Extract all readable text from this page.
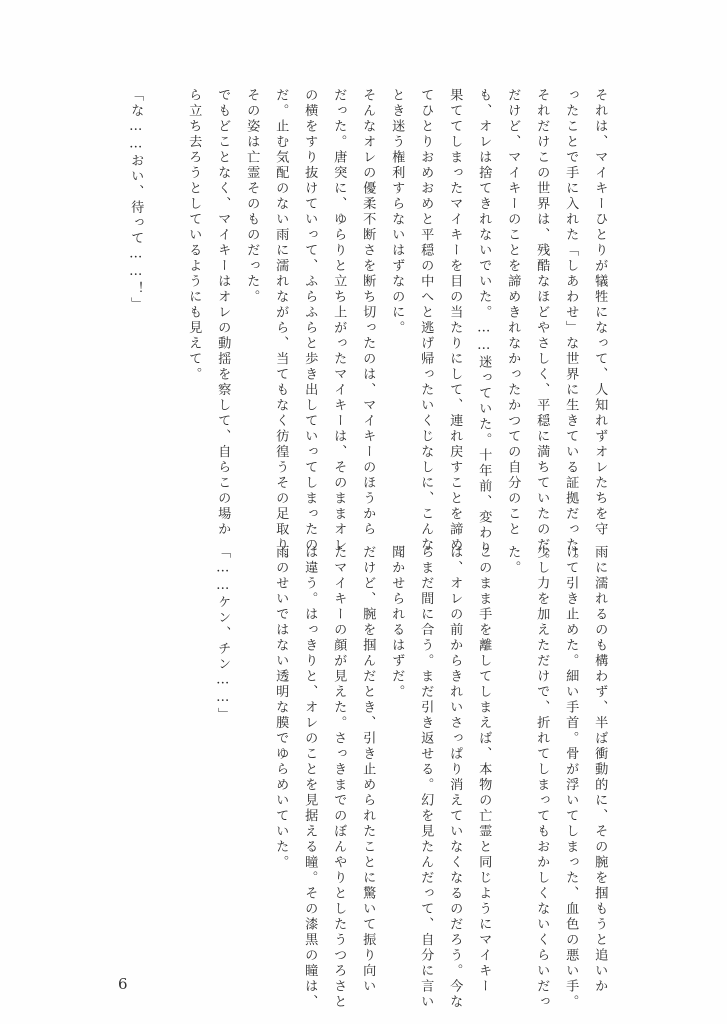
それは、マイキーひとりが犠牲になって、人知れずオレたちを守
ったことで手に入れた「しあわせ」な世界に生きている証拠だった。
それだけこの世界は、残酷なほどやさしく、平穏に満ちていたのだ。
だけど、マイキーのことを諦めきれなかったかつての自分のこと
も、オレは捨てきれないでいた。……迷っていた。十年前、変わり
果ててしまったマイキーを目の当たりにして、連れ戻すことを諦め
てひとりおめおめと平穏の中へと逃げ帰ったいくじなしに、こんな
とき迷う権利すらないはずなのに。
そんなオレの優柔不断さを断ち切ったのは、マイキーのほうから
だった。唐突に、ゆらりと立ち上がったマイキーは、そのままオレ
の横をすり抜けていって、ふらふらと歩き出していってしまったの
だ。止む気配のない雨に濡れながら、当てもなく彷徨うその足取り。
その姿は亡霊そのものだった。
でもどことなく、マイキーはオレの動揺を察して、自らこの場か
ら立ち去ろうとしているようにも見えて。
「な……おい、待って……！」
雨に濡れるのも構わず、半ば衝動的に、その腕を掴もうと追いか
けて引き止めた。細い手首。骨が浮いてしまった、血色の悪い手。
少し力を加えただけで、折れてしまってもおかしくないくらいだっ
た。
このまま手を離してしまえば、本物の亡霊と同じようにマイキー
は、オレの前からきれいさっぱり消えていなくなるのだろう。今な
らまだ間に合う。まだ引き返せる。幻を見たんだって、自分に言い
聞かせられるはずだ。
だけど、腕を掴んだとき、引き止められたことに驚いて振り向い
たマイキーの顔が見えた。さっきまでのぼんやりとしたうつろさと
は違う。はっきりと、オレのことを見据える瞳。その漆黒の瞳は、
雨のせいではない透明な膜でゆらめいていた。
「……ケン、チン……」
6
